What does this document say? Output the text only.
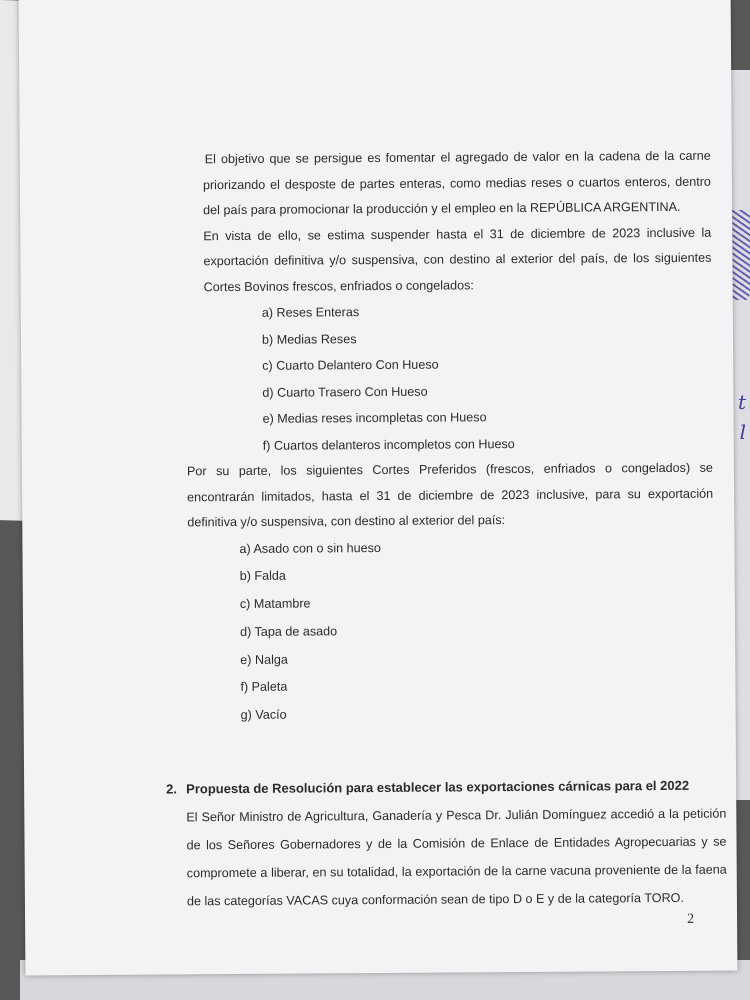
t
l

El objetivo que se persigue es fomentar el agregado de valor en la cadena de la carne priorizando el desposte de partes enteras, como medias reses o cuartos enteros, dentro del país para promocionar la producción y el empleo en la REPÚBLICA ARGENTINA.

En vista de ello, se estima suspender hasta el 31 de diciembre de 2023 inclusive la exportación definitiva y/o suspensiva, con destino al exterior del país, de los siguientes Cortes Bovinos frescos, enfriados o congelados:

a) Reses Enteras
b) Medias Reses
c) Cuarto Delantero Con Hueso
d) Cuarto Trasero Con Hueso
e) Medias reses incompletas con Hueso
f) Cuartos delanteros incompletos con Hueso

Por su parte, los siguientes Cortes Preferidos (frescos, enfriados o congelados) se encontrarán limitados, hasta el 31 de diciembre de 2023 inclusive, para su exportación definitiva y/o suspensiva, con destino al exterior del país:

a) Asado con o sin hueso
b) Falda
c) Matambre
d) Tapa de asado
e) Nalga
f) Paleta
g) Vacío
2. Propuesta de Resolución para establecer las exportaciones cárnicas para el 2022

El Señor Ministro de Agricultura, Ganadería y Pesca Dr. Julián Domínguez accedió a la petición de los Señores Gobernadores y de la Comisión de Enlace de Entidades Agropecuarias y se compromete a liberar, en su totalidad, la exportación de la carne vacuna proveniente de la faena de las categorías VACAS cuya conformación sean de tipo D o E y de la categoría TORO.

2
